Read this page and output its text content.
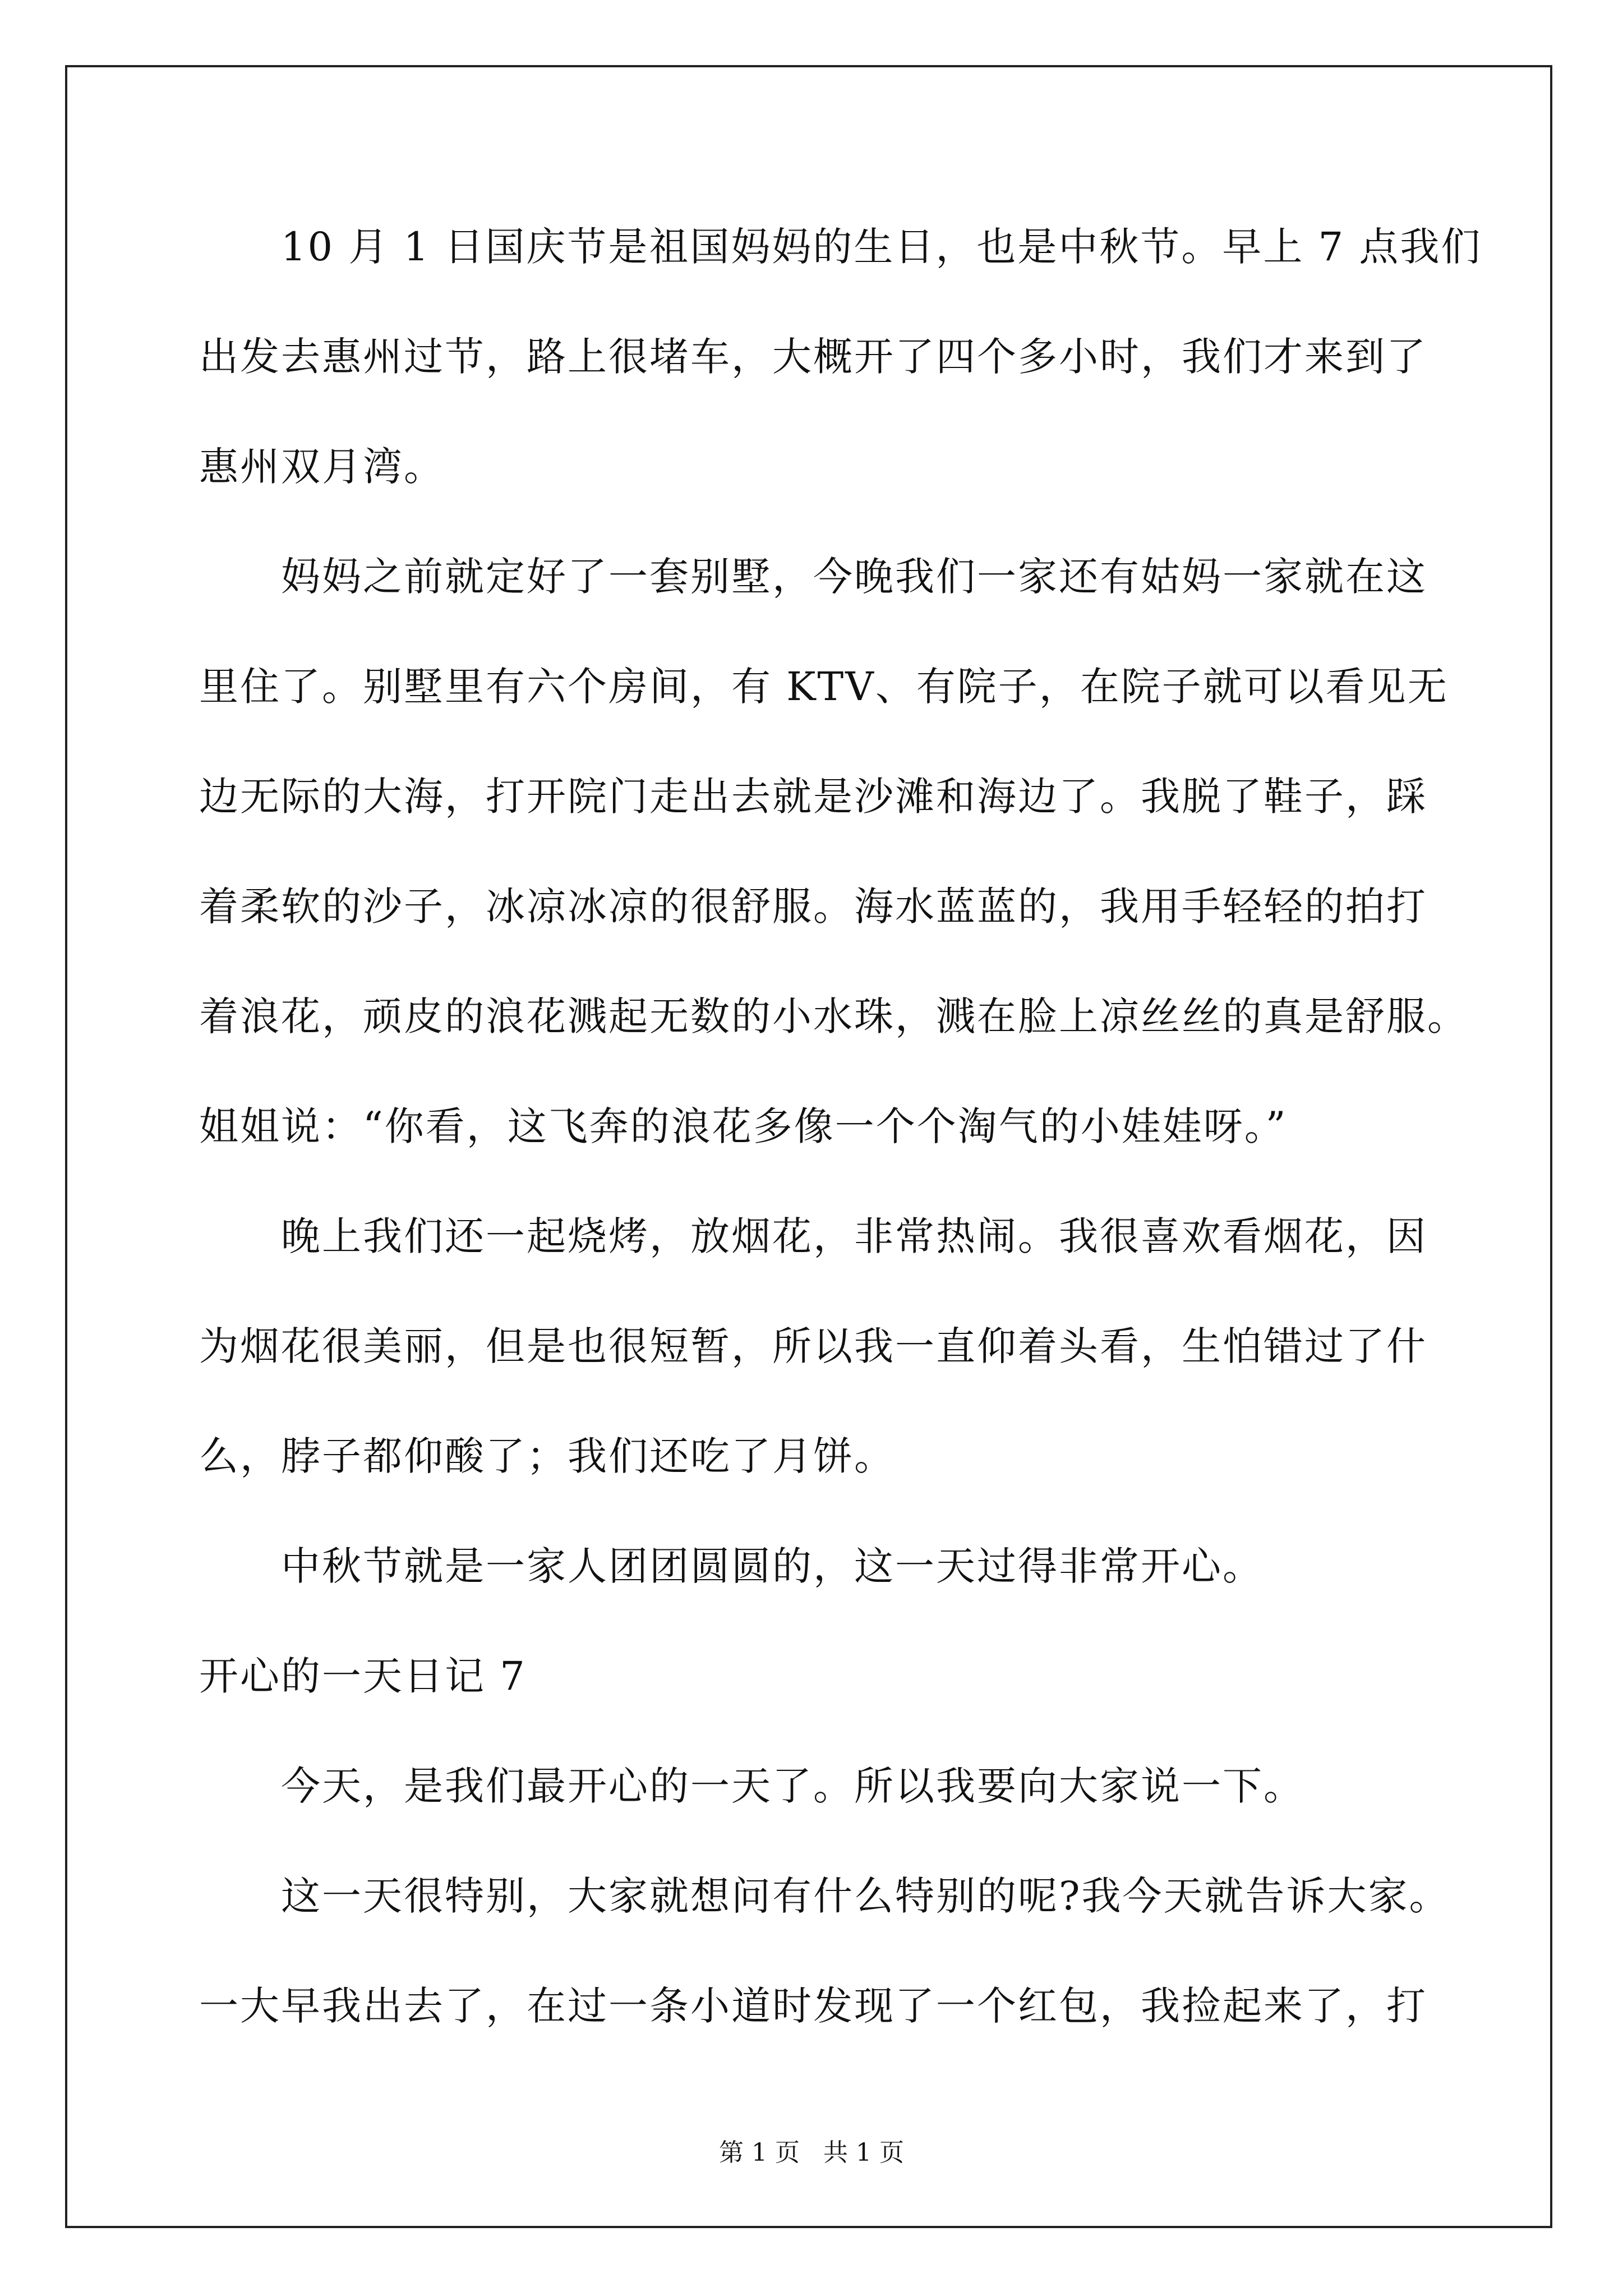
10 月 1 日国庆节是祖国妈妈的生日，也是中秋节。早上 7 点我们
出发去惠州过节，路上很堵车，大概开了四个多小时，我们才来到了
惠州双月湾。
妈妈之前就定好了一套别墅，今晚我们一家还有姑妈一家就在这
里住了。别墅里有六个房间，有 KTV、有院子，在院子就可以看见无
边无际的大海，打开院门走出去就是沙滩和海边了。我脱了鞋子，踩
着柔软的沙子，冰凉冰凉的很舒服。海水蓝蓝的，我用手轻轻的拍打
着浪花，顽皮的浪花溅起无数的小水珠，溅在脸上凉丝丝的真是舒服。
姐姐说：“你看，这飞奔的浪花多像一个个淘气的小娃娃呀。”
晚上我们还一起烧烤，放烟花，非常热闹。我很喜欢看烟花，因
为烟花很美丽，但是也很短暂，所以我一直仰着头看，生怕错过了什
么，脖子都仰酸了；我们还吃了月饼。
中秋节就是一家人团团圆圆的，这一天过得非常开心。
开心的一天日记 7
今天，是我们最开心的一天了。所以我要向大家说一下。
这一天很特别，大家就想问有什么特别的呢?我今天就告诉大家。
一大早我出去了，在过一条小道时发现了一个红包，我捡起来了，打
第 1 页 共 1 页
